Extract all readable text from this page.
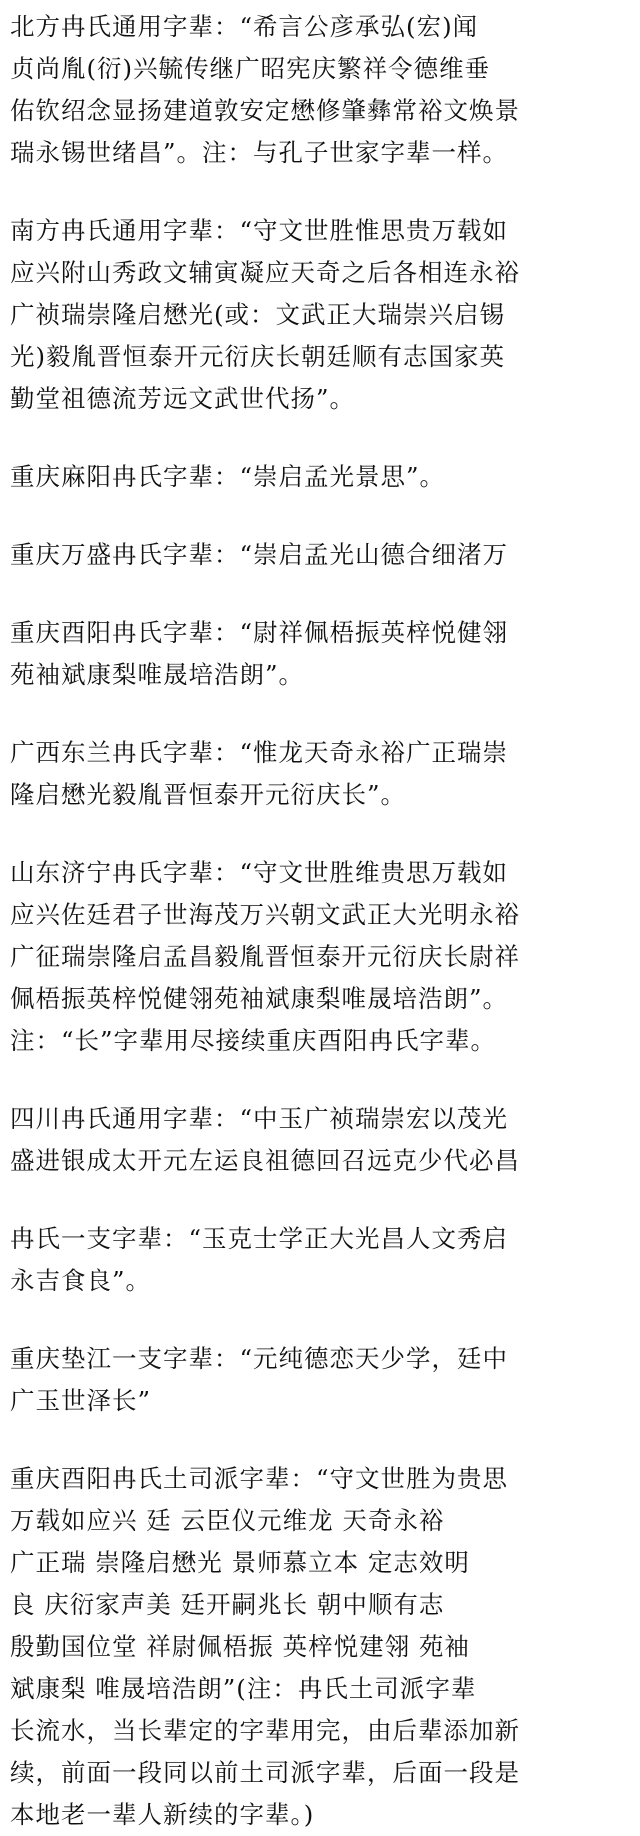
北方冉氏通用字辈：“希言公彦承弘(宏)闻
贞尚胤(衍)兴毓传继广昭宪庆繁祥令德维垂
佑钦绍念显扬建道敦安定懋修肇彝常裕文焕景
瑞永锡世绪昌”。注：与孔子世家字辈一样。
南方冉氏通用字辈：“守文世胜惟思贵万载如
应兴附山秀政文辅寅凝应天奇之后各相连永裕
广祯瑞崇隆启懋光(或：文武正大瑞崇兴启锡
光)毅胤晋恒泰开元衍庆长朝廷顺有志国家英
勤堂祖德流芳远文武世代扬”。
重庆麻阳冉氏字辈：“崇启孟光景思”。
重庆万盛冉氏字辈：“崇启孟光山德合细渚万
重庆酉阳冉氏字辈：“尉祥佩梧振英梓悦健翎
苑袖斌康梨唯晟培浩朗”。
广西东兰冉氏字辈：“惟龙天奇永裕广正瑞崇
隆启懋光毅胤晋恒泰开元衍庆长”。
山东济宁冉氏字辈：“守文世胜维贵思万载如
应兴佐廷君子世海茂万兴朝文武正大光明永裕
广征瑞崇隆启孟昌毅胤晋恒泰开元衍庆长尉祥
佩梧振英梓悦健翎苑袖斌康梨唯晟培浩朗”。
注：“长”字辈用尽接续重庆酉阳冉氏字辈。
四川冉氏通用字辈：“中玉广祯瑞崇宏以茂光
盛进银成太开元左运良祖德回召远克少代必昌
冉氏一支字辈：“玉克士学正大光昌人文秀启
永吉食良”。
重庆垫江一支字辈：“元纯德恋天少学，廷中
广玉世泽长”
重庆酉阳冉氏土司派字辈：“守文世胜为贵思
万载如应兴 廷 云臣仪元维龙 天奇永裕
广正瑞 崇隆启懋光 景师慕立本 定志效明
良 庆衍家声美 廷开嗣兆长 朝中顺有志
殷勤国位堂 祥尉佩梧振 英梓悦建翎 苑袖
斌康梨 唯晟培浩朗”(注：冉氏土司派字辈
长流水，当长辈定的字辈用完，由后辈添加新
续，前面一段同以前土司派字辈，后面一段是
本地老一辈人新续的字辈。)
